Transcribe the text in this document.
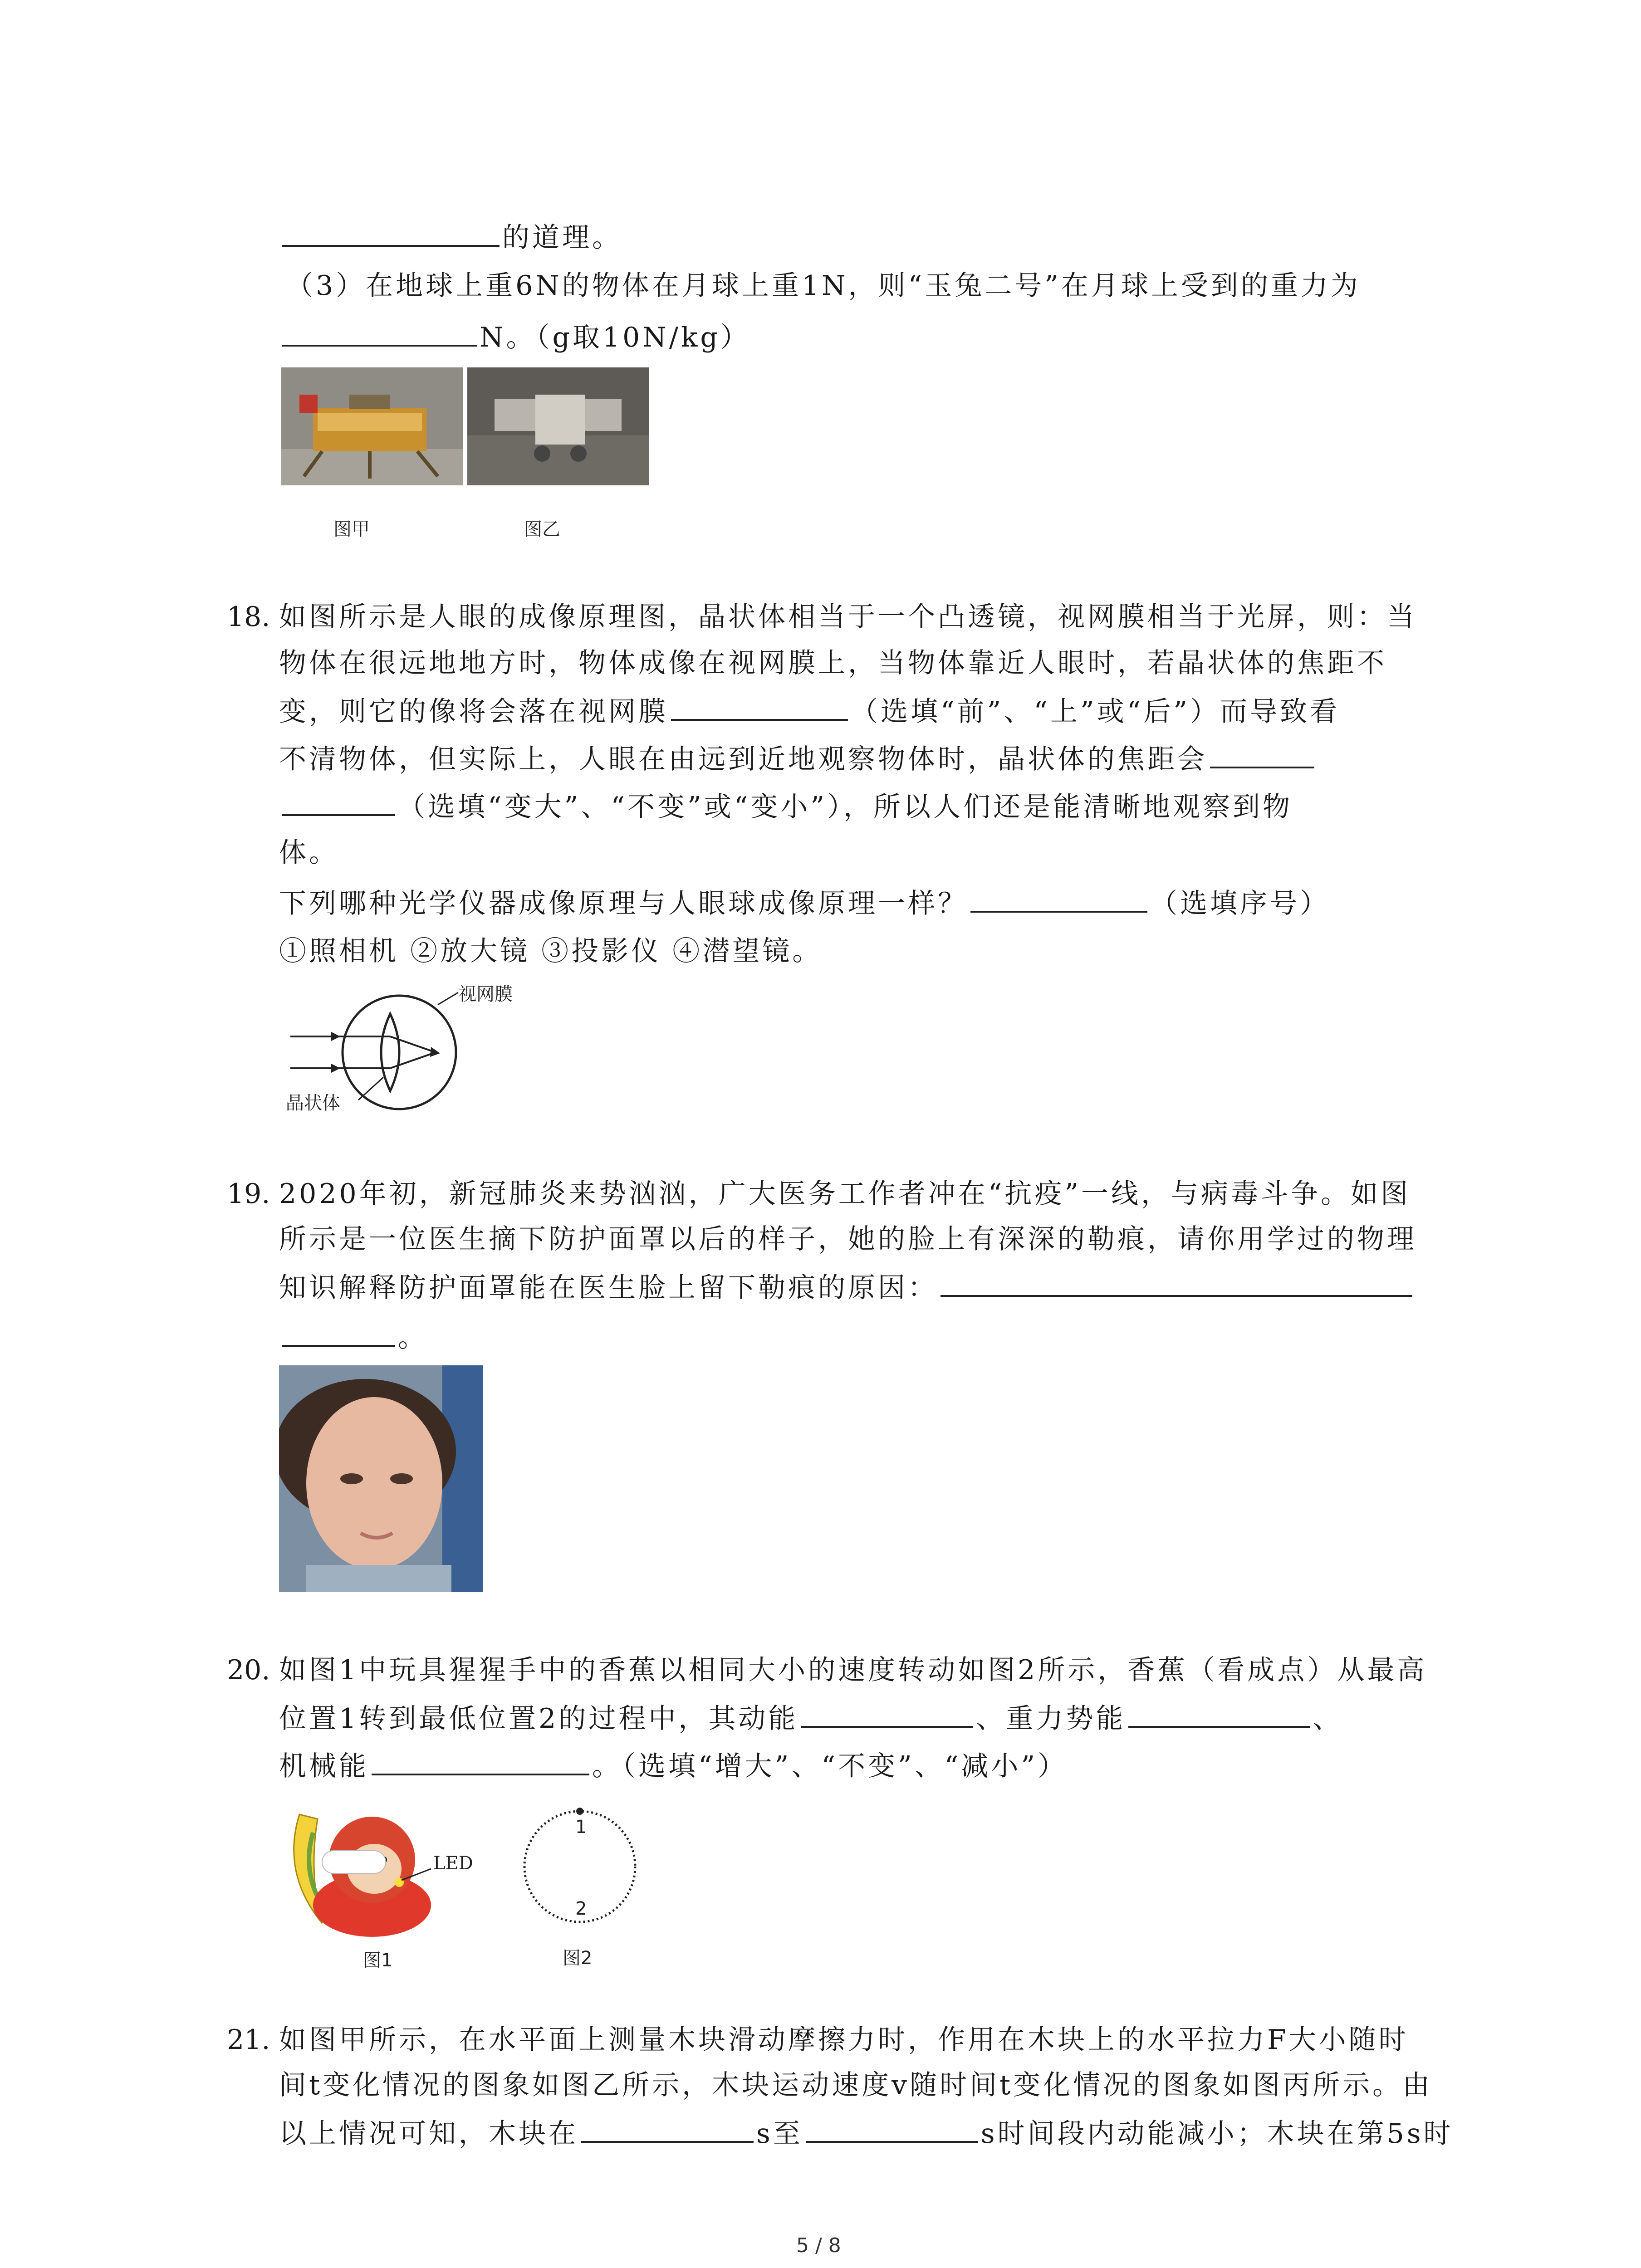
的道理。
（3）在地球上重6N的物体在月球上重1N，则“玉兔二号”在月球上受到的重力为
N。（g取10N/kg）
图甲	图乙
18. 如图所示是人眼的成像原理图，晶状体相当于一个凸透镜，视网膜相当于光屏，则：当
物体在很远地地方时，物体成像在视网膜上，当物体靠近人眼时，若晶状体的焦距不
变，则它的像将会落在视网膜	（选填“前”、“上”或“后”）而导致看
不清物体，但实际上，人眼在由远到近地观察物体时，晶状体的焦距会
（选填“变大”、“不变”或“变小”），所以人们还是能清晰地观察到物
体。
下列哪种光学仪器成像原理与人眼球成像原理一样？	（选填序号）
①照相机 ②放大镜 ③投影仪 ④潜望镜。
视网膜
晶状体
19. 2020年初，新冠肺炎来势汹汹，广大医务工作者冲在“抗疫”一线，与病毒斗争。如图
所示是一位医生摘下防护面罩以后的样子，她的脸上有深深的勒痕，请你用学过的物理
知识解释防护面罩能在医生脸上留下勒痕的原因：
。
20. 如图1中玩具猩猩手中的香蕉以相同大小的速度转动如图2所示，香蕉（看成点）从最高
位置1转到最低位置2的过程中，其动能	、重力势能	、
机械能	。（选填“增大”、“不变”、“减小”）
LED
图1
1
2
图2
21. 如图甲所示，在水平面上测量木块滑动摩擦力时，作用在木块上的水平拉力F大小随时
间t变化情况的图象如图乙所示，木块运动速度v随时间t变化情况的图象如图丙所示。由
以上情况可知，木块在	s至	s时间段内动能减小；木块在第5s时
5 / 8
